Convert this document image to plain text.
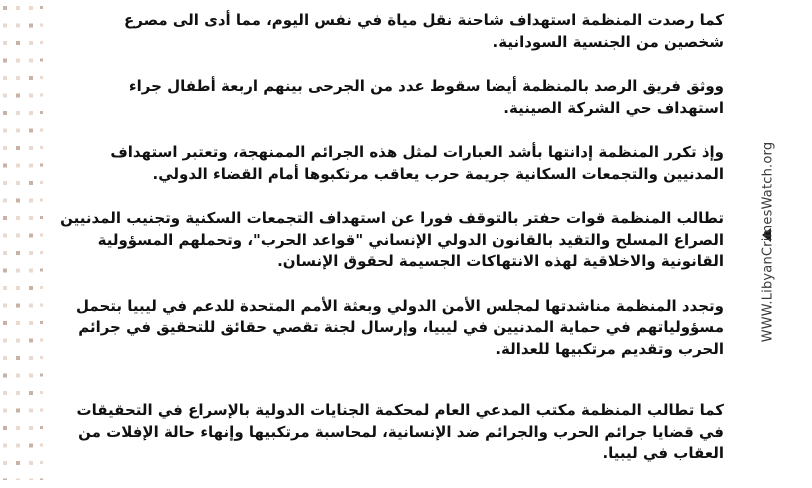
كما رصدت المنظمة استهداف شاحنة نقل مياة في نفس اليوم، مما أدى الى مصرع شخصين من الجنسية السودانية.

ووثق فريق الرصد بالمنظمة أيضا سقوط عدد من الجرحى بينهم اربعة أطفال جراء استهداف حي الشركة الصينية.

وإذ تكرر المنظمة إدانتها بأشد العبارات لمثل هذه الجرائم الممنهجة، وتعتبر استهداف المدنيين والتجمعات السكانية جريمة حرب يعاقب مرتكبوها أمام القضاء الدولي.

تطالب المنظمة قوات حفتر بالتوقف فورا عن استهداف التجمعات السكنية وتجنيب المدنيين الصراع المسلح والتقيد بالقانون الدولي الإنساني "قواعد الحرب"، وتحملهم المسؤولية القانونية والاخلاقية لهذه الانتهاكات الجسيمة لحقوق الإنسان.

وتجدد المنظمة مناشدتها لمجلس الأمن الدولي وبعثة الأمم المتحدة للدعم في ليبيا بتحمل مسؤولياتهم في حماية المدنيين في ليبيا، وإرسال لجنة تقصي حقائق للتحقيق في جرائم الحرب وتقديم مرتكبيها للعدالة.

كما تطالب المنظمة مكتب المدعي العام لمحكمة الجنايات الدولية بالإسراع في التحقيقات في قضايا جرائم الحرب والجرائم ضد الإنسانية، لمحاسبة مرتكبيها وإنهاء حالة الإفلات من العقاب في ليبيا.

WWW.LibyanCrimesWatch.org
